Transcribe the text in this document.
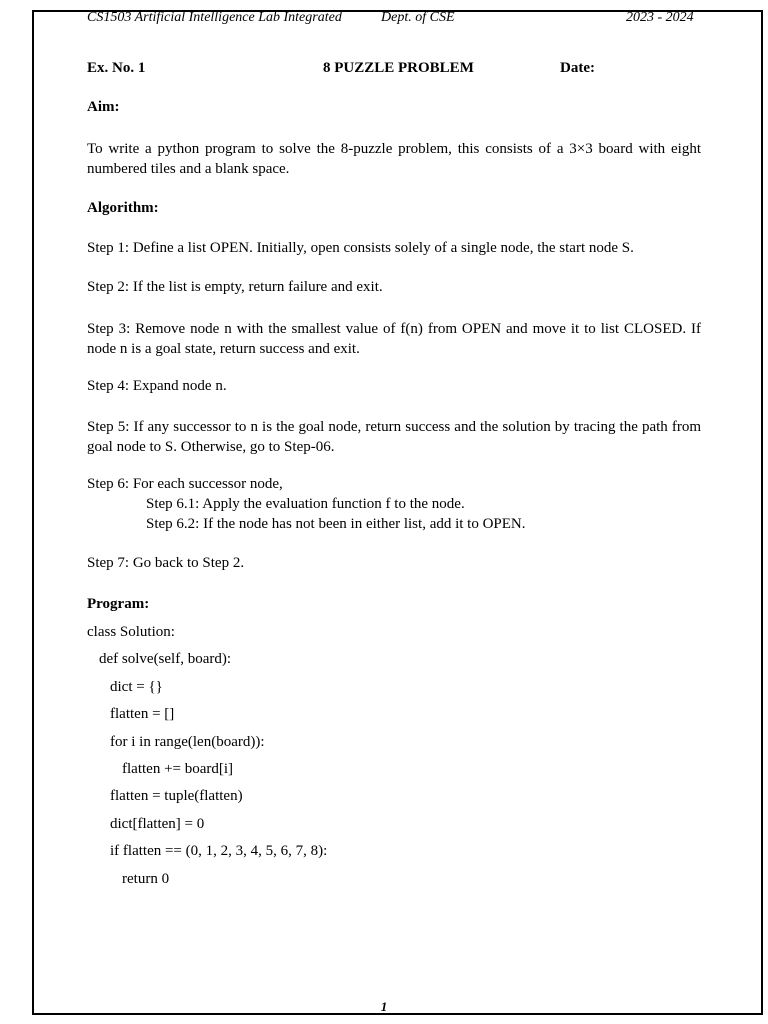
CS1503 Artificial Intelligence Lab Integrated	Dept. of CSE	2023 - 2024
Ex. No. 1	8 PUZZLE PROBLEM	Date:
Aim:
To write a python program to solve the 8-puzzle problem, this consists of a 3×3 board with eight numbered tiles and a blank space.
Algorithm:
Step 1: Define a list OPEN. Initially, open consists solely of a single node, the start node S.
Step 2: If the list is empty, return failure and exit.
Step 3: Remove node n with the smallest value of f(n) from OPEN and move it to list CLOSED. If node n is a goal state, return success and exit.
Step 4: Expand node n.
Step 5: If any successor to n is the goal node, return success and the solution by tracing the path from goal node to S. Otherwise, go to Step-06.
Step 6: For each successor node,
Step 6.1: Apply the evaluation function f to the node.
Step 6.2: If the node has not been in either list, add it to OPEN.
Step 7: Go back to Step 2.
Program:
class Solution:
def solve(self, board):
dict = {}
flatten = []
for i in range(len(board)):
flatten += board[i]
flatten = tuple(flatten)
dict[flatten] = 0
if flatten == (0, 1, 2, 3, 4, 5, 6, 7, 8):
return 0
1
